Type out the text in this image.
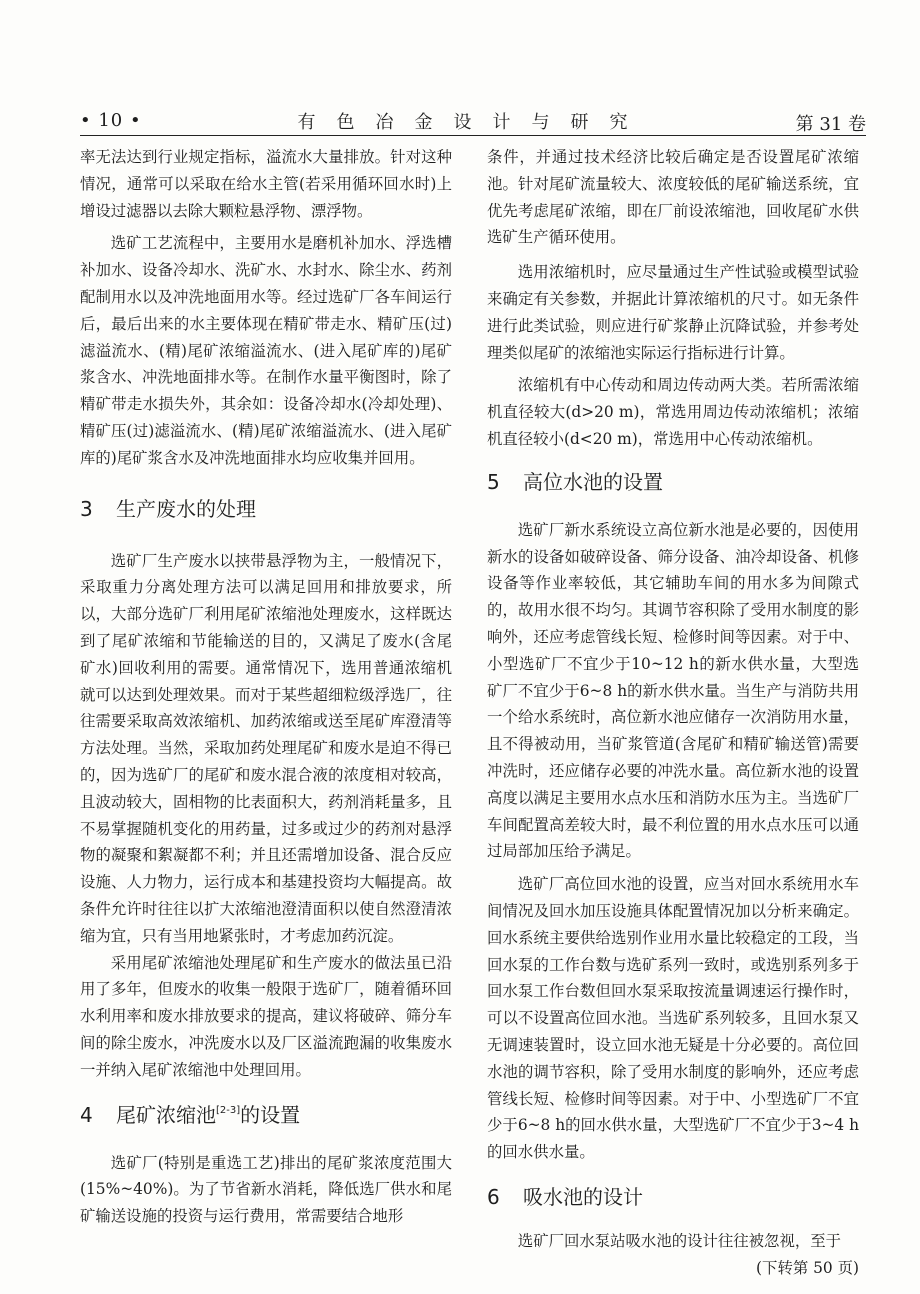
• 10 •	有色冶金设计与研究	第 31 卷

率无法达到行业规定指标，溢流水大量排放。针对这种情况，通常可以采取在给水主管(若采用循环回水时)上增设过滤器以去除大颗粒悬浮物、漂浮物。

选矿工艺流程中，主要用水是磨机补加水、浮选槽补加水、设备冷却水、洗矿水、水封水、除尘水、药剂配制用水以及冲洗地面用水等。经过选矿厂各车间运行后，最后出来的水主要体现在精矿带走水、精矿压(过)滤溢流水、(精)尾矿浓缩溢流水、(进入尾矿库的)尾矿浆含水、冲洗地面排水等。在制作水量平衡图时，除了精矿带走水损失外，其余如：设备冷却水(冷却处理)、精矿压(过)滤溢流水、(精)尾矿浓缩溢流水、(进入尾矿库的)尾矿浆含水及冲洗地面排水均应收集并回用。

3 生产废水的处理

选矿厂生产废水以挟带悬浮物为主，一般情况下，采取重力分离处理方法可以满足回用和排放要求，所以，大部分选矿厂利用尾矿浓缩池处理废水，这样既达到了尾矿浓缩和节能输送的目的，又满足了废水(含尾矿水)回收利用的需要。通常情况下，选用普通浓缩机就可以达到处理效果。而对于某些超细粒级浮选厂，往往需要采取高效浓缩机、加药浓缩或送至尾矿库澄清等方法处理。当然，采取加药处理尾矿和废水是迫不得已的，因为选矿厂的尾矿和废水混合液的浓度相对较高，且波动较大，固相物的比表面积大，药剂消耗量多，且不易掌握随机变化的用药量，过多或过少的药剂对悬浮物的凝聚和絮凝都不利；并且还需增加设备、混合反应设施、人力物力，运行成本和基建投资均大幅提高。故条件允许时往往以扩大浓缩池澄清面积以使自然澄清浓缩为宜，只有当用地紧张时，才考虑加药沉淀。

采用尾矿浓缩池处理尾矿和生产废水的做法虽已沿用了多年，但废水的收集一般限于选矿厂，随着循环回水利用率和废水排放要求的提高，建议将破碎、筛分车间的除尘废水，冲洗废水以及厂区溢流跑漏的收集废水一并纳入尾矿浓缩池中处理回用。

4 尾矿浓缩池[2-3]的设置

选矿厂(特别是重选工艺)排出的尾矿浆浓度范围大(15%~40%)。为了节省新水消耗，降低选厂供水和尾矿输送设施的投资与运行费用，常需要结合地形

条件，并通过技术经济比较后确定是否设置尾矿浓缩池。针对尾矿流量较大、浓度较低的尾矿输送系统，宜优先考虑尾矿浓缩，即在厂前设浓缩池，回收尾矿水供选矿生产循环使用。

选用浓缩机时，应尽量通过生产性试验或模型试验来确定有关参数，并据此计算浓缩机的尺寸。如无条件进行此类试验，则应进行矿浆静止沉降试验，并参考处理类似尾矿的浓缩池实际运行指标进行计算。

浓缩机有中心传动和周边传动两大类。若所需浓缩机直径较大(d>20 m)，常选用周边传动浓缩机；浓缩机直径较小(d<20 m)，常选用中心传动浓缩机。

5 高位水池的设置

选矿厂新水系统设立高位新水池是必要的，因使用新水的设备如破碎设备、筛分设备、油冷却设备、机修设备等作业率较低，其它辅助车间的用水多为间隙式的，故用水很不均匀。其调节容积除了受用水制度的影响外，还应考虑管线长短、检修时间等因素。对于中、小型选矿厂不宜少于10~12 h的新水供水量，大型选矿厂不宜少于6~8 h的新水供水量。当生产与消防共用一个给水系统时，高位新水池应储存一次消防用水量，且不得被动用，当矿浆管道(含尾矿和精矿输送管)需要冲洗时，还应储存必要的冲洗水量。高位新水池的设置高度以满足主要用水点水压和消防水压为主。当选矿厂车间配置高差较大时，最不利位置的用水点水压可以通过局部加压给予满足。

选矿厂高位回水池的设置，应当对回水系统用水车间情况及回水加压设施具体配置情况加以分析来确定。回水系统主要供给选别作业用水量比较稳定的工段，当回水泵的工作台数与选矿系列一致时，或选别系列多于回水泵工作台数但回水泵采取按流量调速运行操作时，可以不设置高位回水池。当选矿系列较多，且回水泵又无调速装置时，设立回水池无疑是十分必要的。高位回水池的调节容积，除了受用水制度的影响外，还应考虑管线长短、检修时间等因素。对于中、小型选矿厂不宜少于6~8 h的回水供水量，大型选矿厂不宜少于3~4 h的回水供水量。

6 吸水池的设计

选矿厂回水泵站吸水池的设计往往被忽视，至于

(下转第 50 页)
